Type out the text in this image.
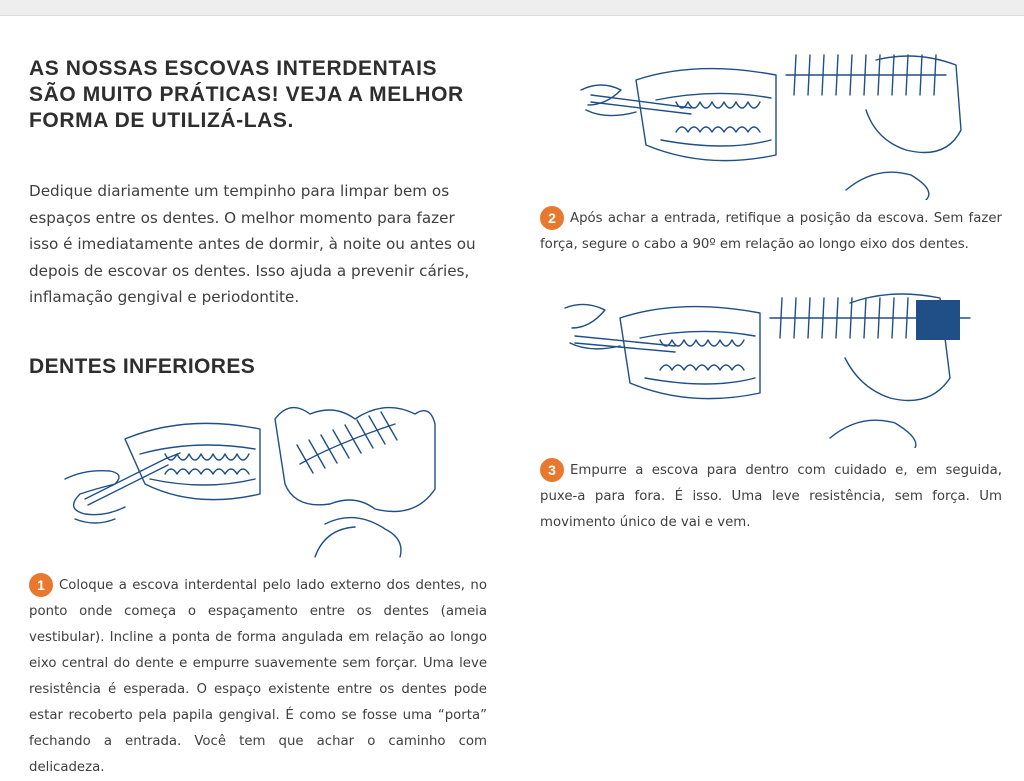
AS NOSSAS ESCOVAS INTERDENTAIS SÃO MUITO PRÁTICAS! VEJA A MELHOR FORMA DE UTILIZÁ-LAS.

Dedique diariamente um tempinho para limpar bem os espaços entre os dentes. O melhor momento para fazer isso é imediatamente antes de dormir, à noite ou antes ou depois de escovar os dentes. Isso ajuda a prevenir cáries, inflamação gengival e periodontite.

DENTES INFERIORES
1 Coloque a escova interdental pelo lado externo dos dentes, no ponto onde começa o espaçamento entre os dentes (ameia vestibular). Incline a ponta de forma angulada em relação ao longo eixo central do dente e empurre suavemente sem forçar. Uma leve resistência é esperada. O espaço existente entre os dentes pode estar recoberto pela papila gengival. É como se fosse uma “porta” fechando a entrada. Você tem que achar o caminho com delicadeza.
2 Após achar a entrada, retifique a posição da escova. Sem fazer força, segure o cabo a 90º em relação ao longo eixo dos dentes.
3 Empurre a escova para dentro com cuidado e, em seguida, puxe-a para fora. É isso. Uma leve resistência, sem força. Um movimento único de vai e vem.
